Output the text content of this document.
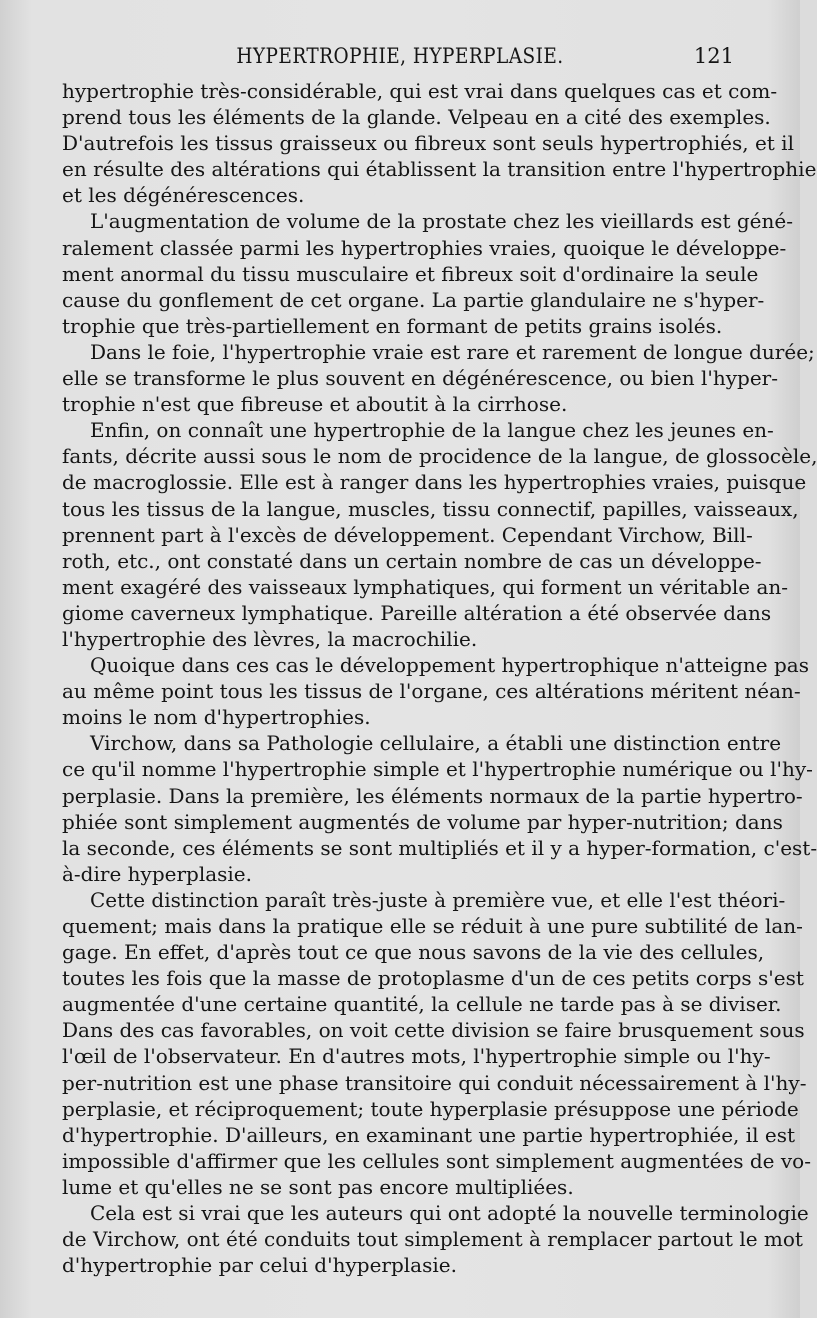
HYPERTROPHIE, HYPERPLASIE.	121
hypertrophie très-considérable, qui est vrai dans quelques cas et com-
prend tous les éléments de la glande. Velpeau en a cité des exemples.
D'autrefois les tissus graisseux ou fibreux sont seuls hypertrophiés, et il
en résulte des altérations qui établissent la transition entre l'hypertrophie
et les dégénérescences.
L'augmentation de volume de la prostate chez les vieillards est géné-
ralement classée parmi les hypertrophies vraies, quoique le développe-
ment anormal du tissu musculaire et fibreux soit d'ordinaire la seule
cause du gonflement de cet organe. La partie glandulaire ne s'hyper-
trophie que très-partiellement en formant de petits grains isolés.
Dans le foie, l'hypertrophie vraie est rare et rarement de longue durée;
elle se transforme le plus souvent en dégénérescence, ou bien l'hyper-
trophie n'est que fibreuse et aboutit à la cirrhose.
Enfin, on connaît une hypertrophie de la langue chez les jeunes en-
fants, décrite aussi sous le nom de procidence de la langue, de glossocèle,
de macroglossie. Elle est à ranger dans les hypertrophies vraies, puisque
tous les tissus de la langue, muscles, tissu connectif, papilles, vaisseaux,
prennent part à l'excès de développement. Cependant Virchow, Bill-
roth, etc., ont constaté dans un certain nombre de cas un développe-
ment exagéré des vaisseaux lymphatiques, qui forment un véritable an-
giome caverneux lymphatique. Pareille altération a été observée dans
l'hypertrophie des lèvres, la macrochilie.
Quoique dans ces cas le développement hypertrophique n'atteigne pas
au même point tous les tissus de l'organe, ces altérations méritent néan-
moins le nom d'hypertrophies.
Virchow, dans sa Pathologie cellulaire, a établi une distinction entre
ce qu'il nomme l'hypertrophie simple et l'hypertrophie numérique ou l'hy-
perplasie. Dans la première, les éléments normaux de la partie hypertro-
phiée sont simplement augmentés de volume par hyper-nutrition; dans
la seconde, ces éléments se sont multipliés et il y a hyper-formation, c'est-
à-dire hyperplasie.
Cette distinction paraît très-juste à première vue, et elle l'est théori-
quement; mais dans la pratique elle se réduit à une pure subtilité de lan-
gage. En effet, d'après tout ce que nous savons de la vie des cellules,
toutes les fois que la masse de protoplasme d'un de ces petits corps s'est
augmentée d'une certaine quantité, la cellule ne tarde pas à se diviser.
Dans des cas favorables, on voit cette division se faire brusquement sous
l'œil de l'observateur. En d'autres mots, l'hypertrophie simple ou l'hy-
per-nutrition est une phase transitoire qui conduit nécessairement à l'hy-
perplasie, et réciproquement; toute hyperplasie présuppose une période
d'hypertrophie. D'ailleurs, en examinant une partie hypertrophiée, il est
impossible d'affirmer que les cellules sont simplement augmentées de vo-
lume et qu'elles ne se sont pas encore multipliées.
Cela est si vrai que les auteurs qui ont adopté la nouvelle terminologie
de Virchow, ont été conduits tout simplement à remplacer partout le mot
d'hypertrophie par celui d'hyperplasie.
